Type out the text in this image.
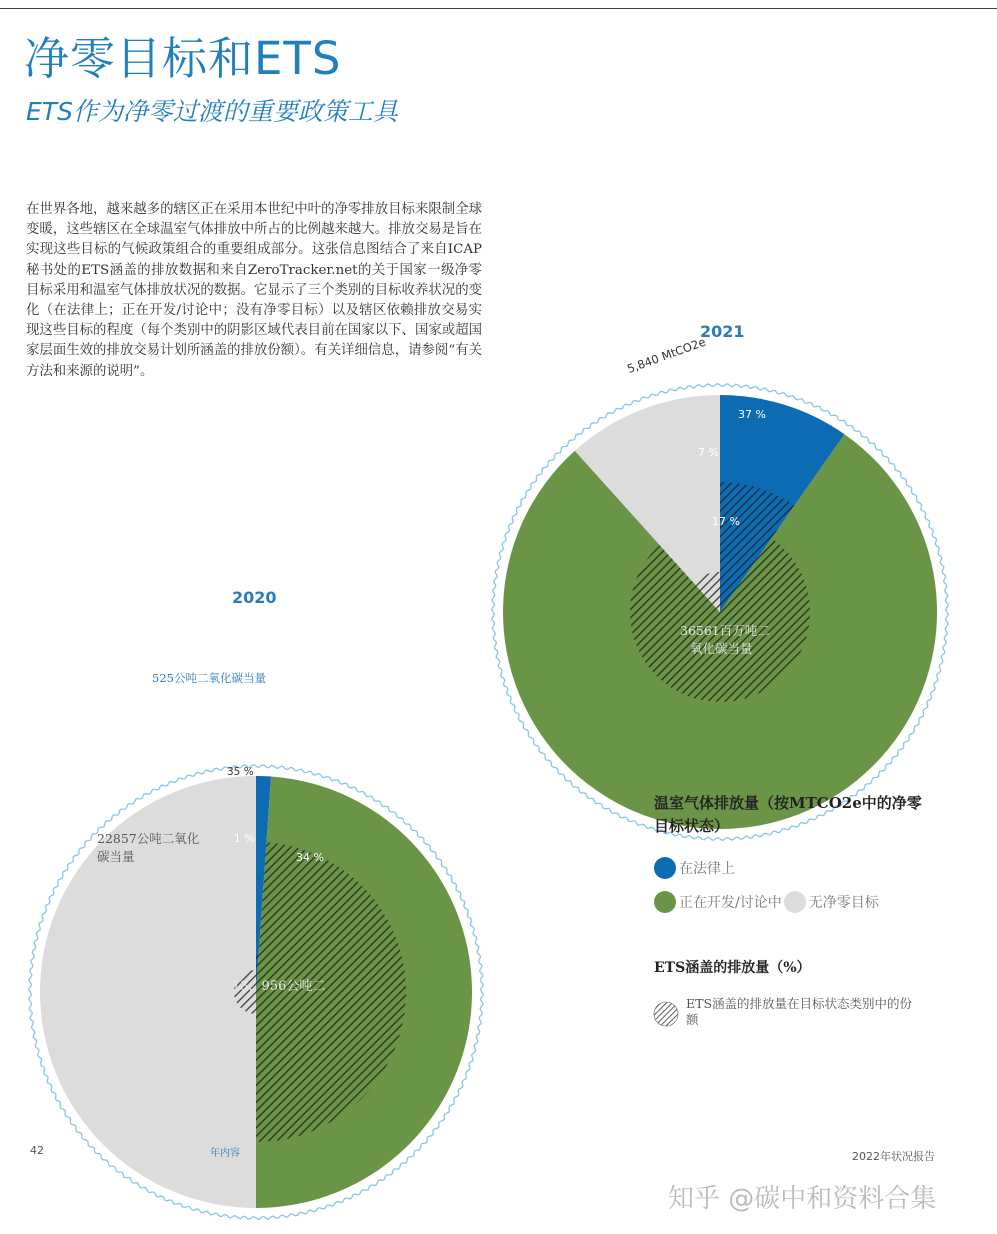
净零目标和ETS
ETS作为净零过渡的重要政策工具
在世界各地，越来越多的辖区正在采用本世纪中叶的净零排放目标来限制全球变暖，这些辖区在全球温室气体排放中所占的比例越来越大。排放交易是旨在实现这些目标的气候政策组合的重要组成部分。这张信息图结合了来自ICAP秘书处的ETS涵盖的排放数据和来自ZeroTracker.net的关于国家一级净零目标采用和温室气体排放状况的数据。它显示了三个类别的目标收养状况的变化（在法律上；正在开发/讨论中；没有净零目标）以及辖区依赖排放交易实现这些目标的程度（每个类别中的阴影区域代表目前在国家以下、国家或超国家层面生效的排放交易计划所涵盖的排放份额）。有关详细信息，请参阅“有关方法和来源的说明”。
2020
525公吨二氧化碳当量
35 %
22857公吨二氧化碳当量
1 %
34 %
13，956公吨二
年内容
2021
5,840 MtCO2e
37 %
7 %
17 %
36561百万吨二
氧化碳当量
温室气体排放量（按MTCO2e中的净零目标状态）
在法律上
正在开发/讨论中 无净零目标
ETS涵盖的排放量（%）
ETS涵盖的排放量在目标状态类别中的份额
42	2022年状况报告
知乎 @碳中和资料合集
